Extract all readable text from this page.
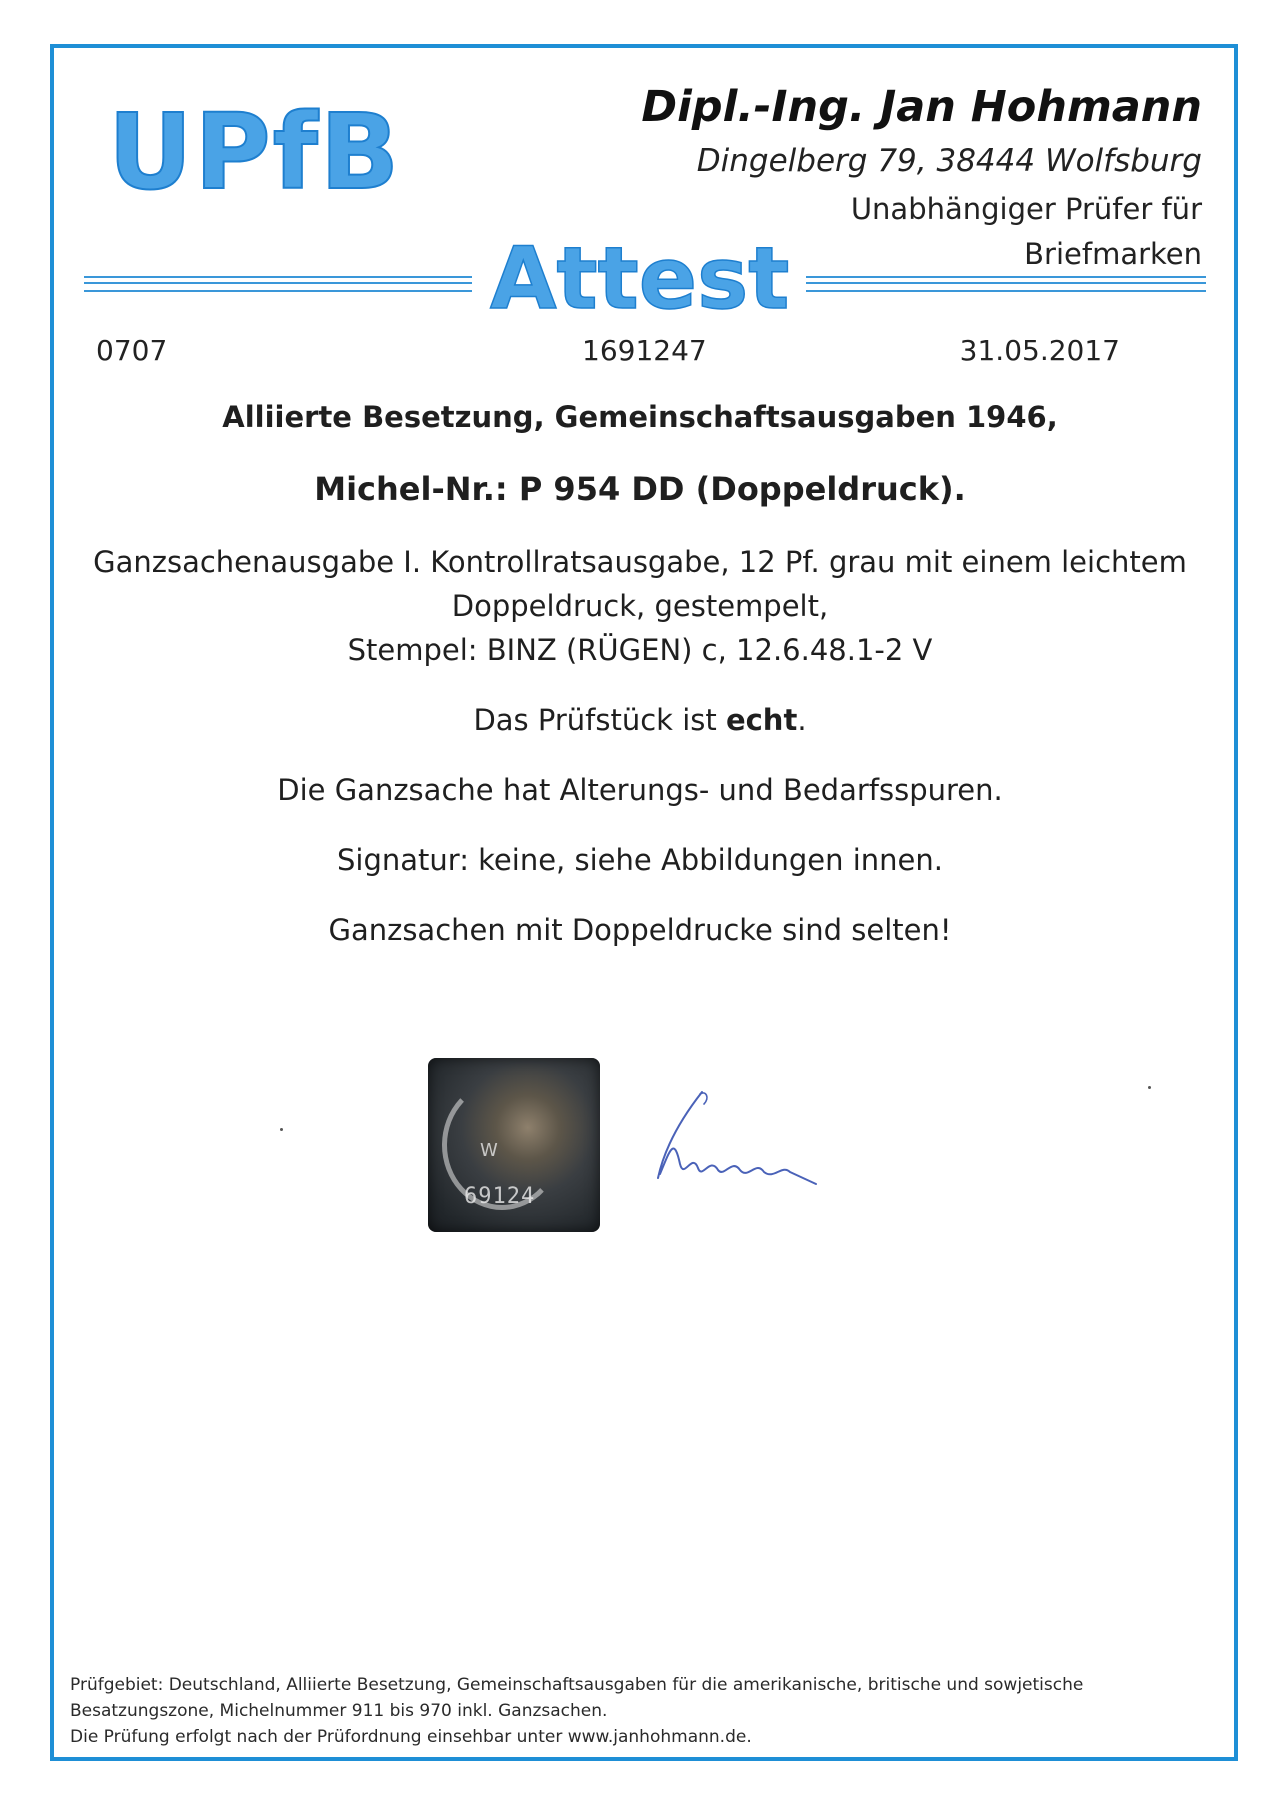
UPfB	Dipl.-Ing. Jan Hohmann
Dingelberg 79, 38444 Wolfsburg
Unabhängiger Prüfer für
Briefmarken
Attest
0707	1691247	31.05.2017
Alliierte Besetzung, Gemeinschaftsausgaben 1946,
Michel-Nr.: P 954 DD (Doppeldruck).
Ganzsachenausgabe I. Kontrollratsausgabe, 12 Pf. grau mit einem leichtem
Doppeldruck, gestempelt,
Stempel: BINZ (RÜGEN) c, 12.6.48.1-2 V
Das Prüfstück ist echt.
Die Ganzsache hat Alterungs- und Bedarfsspuren.
Signatur: keine, siehe Abbildungen innen.
Ganzsachen mit Doppeldrucke sind selten!
W
69124
Prüfgebiet: Deutschland, Alliierte Besetzung, Gemeinschaftsausgaben für die amerikanische, britische und sowjetische
Besatzungszone, Michelnummer 911 bis 970 inkl. Ganzsachen.
Die Prüfung erfolgt nach der Prüfordnung einsehbar unter www.janhohmann.de.
